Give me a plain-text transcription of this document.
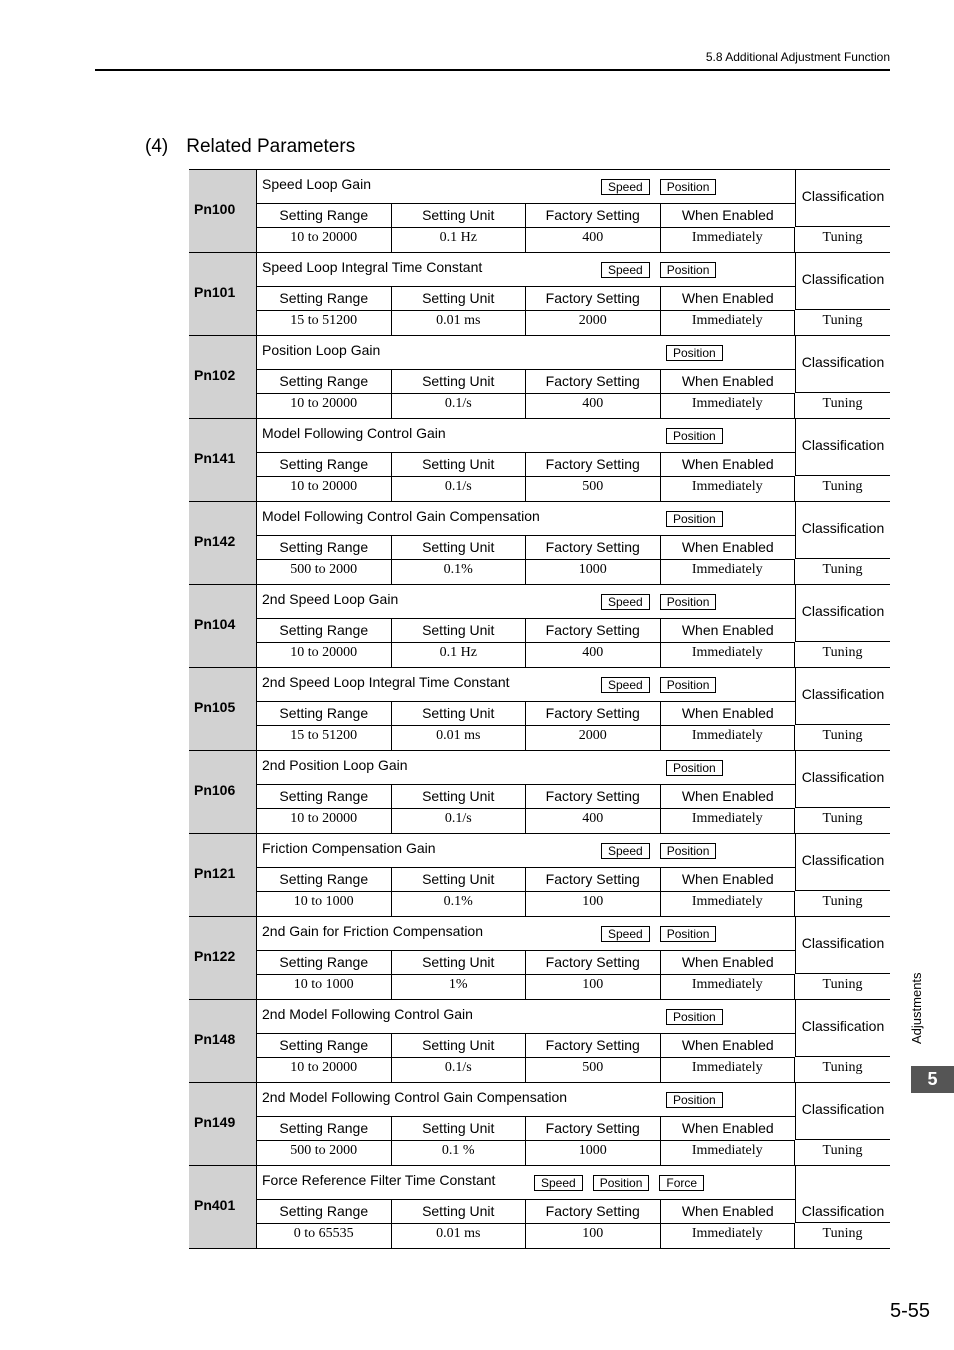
5.8 Additional Adjustment Function
(4) Related Parameters
Pn100
Speed Loop Gain	Speed	Position
Classification
Setting Range	Setting Unit	Factory Setting	When Enabled
10 to 20000	0.1 Hz	400	Immediately	Tuning
Pn101
Speed Loop Integral Time Constant	Speed	Position
Classification
Setting Range	Setting Unit	Factory Setting	When Enabled
15 to 51200	0.01 ms	2000	Immediately	Tuning
Pn102
Position Loop Gain	Position
Classification
Setting Range	Setting Unit	Factory Setting	When Enabled
10 to 20000	0.1/s	400	Immediately	Tuning
Pn141
Model Following Control Gain	Position
Classification
Setting Range	Setting Unit	Factory Setting	When Enabled
10 to 20000	0.1/s	500	Immediately	Tuning
Pn142
Model Following Control Gain Compensation	Position
Classification
Setting Range	Setting Unit	Factory Setting	When Enabled
500 to 2000	0.1%	1000	Immediately	Tuning
Pn104
2nd Speed Loop Gain	Speed	Position
Classification
Setting Range	Setting Unit	Factory Setting	When Enabled
10 to 20000	0.1 Hz	400	Immediately	Tuning
Pn105
2nd Speed Loop Integral Time Constant	Speed	Position
Classification
Setting Range	Setting Unit	Factory Setting	When Enabled
15 to 51200	0.01 ms	2000	Immediately	Tuning
Pn106
2nd Position Loop Gain	Position
Classification
Setting Range	Setting Unit	Factory Setting	When Enabled
10 to 20000	0.1/s	400	Immediately	Tuning
Pn121
Friction Compensation Gain	Speed	Position
Classification
Setting Range	Setting Unit	Factory Setting	When Enabled
10 to 1000	0.1%	100	Immediately	Tuning
Pn122
2nd Gain for Friction Compensation	Speed	Position
Classification
Setting Range	Setting Unit	Factory Setting	When Enabled
10 to 1000	1%	100	Immediately	Tuning
Pn148
2nd Model Following Control Gain	Position
Classification
Setting Range	Setting Unit	Factory Setting	When Enabled
10 to 20000	0.1/s	500	Immediately	Tuning
Pn149
2nd Model Following Control Gain Compensation	Position
Classification
Setting Range	Setting Unit	Factory Setting	When Enabled
500 to 2000	0.1 %	1000	Immediately	Tuning
Pn401
Force Reference Filter Time Constant	Speed	Position	Force
Classification
Setting Range	Setting Unit	Factory Setting	When Enabled
0 to 65535	0.01 ms	100	Immediately	Tuning
Adjustments
5
5-55
